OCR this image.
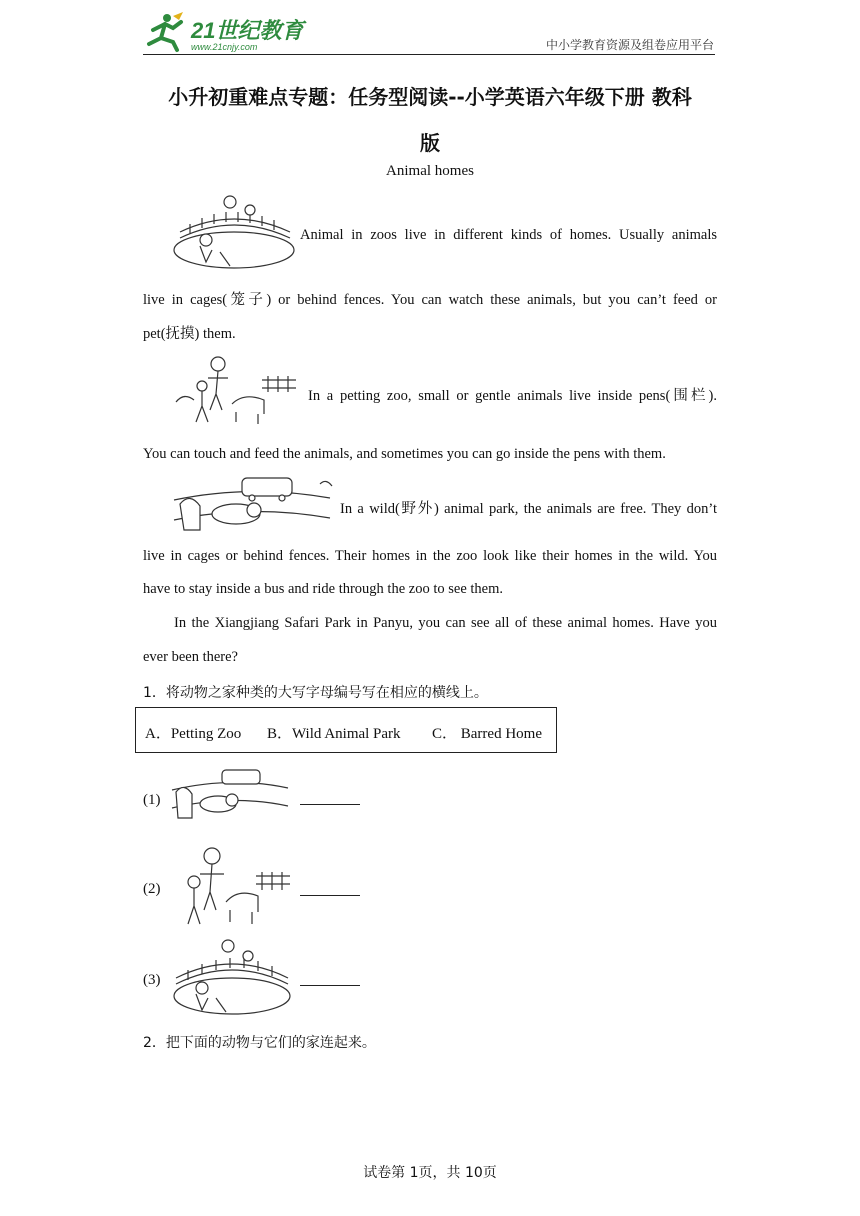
21世纪教育
www.21cnjy.com	中小学教育资源及组卷应用平台
小升初重难点专题：任务型阅读--小学英语六年级下册 教科
版
Animal homes
Animal in zoos live in different kinds of homes. Usually animals
live in cages(笼子) or behind fences. You can watch these animals, but you can’t feed or
pet(抚摸) them.
In a petting zoo, small or gentle animals live inside pens(围栏).
You can touch and feed the animals, and sometimes you can go inside the pens with them.
In a wild(野外) animal park, the animals are free. They don’t
live in cages or behind fences. Their homes in the zoo look like their homes in the wild. You
have to stay inside a bus and ride through the zoo to see them.
In the Xiangjiang Safari Park in Panyu, you can see all of these animal homes. Have you
ever been there?
1．将动物之家种类的大写字母编号写在相应的横线上。
A．Petting Zoo B．Wild Animal Park C． Barred Home
(1)
(2)
(3)
2．把下面的动物与它们的家连起来。
试卷第 1页，共 10页
